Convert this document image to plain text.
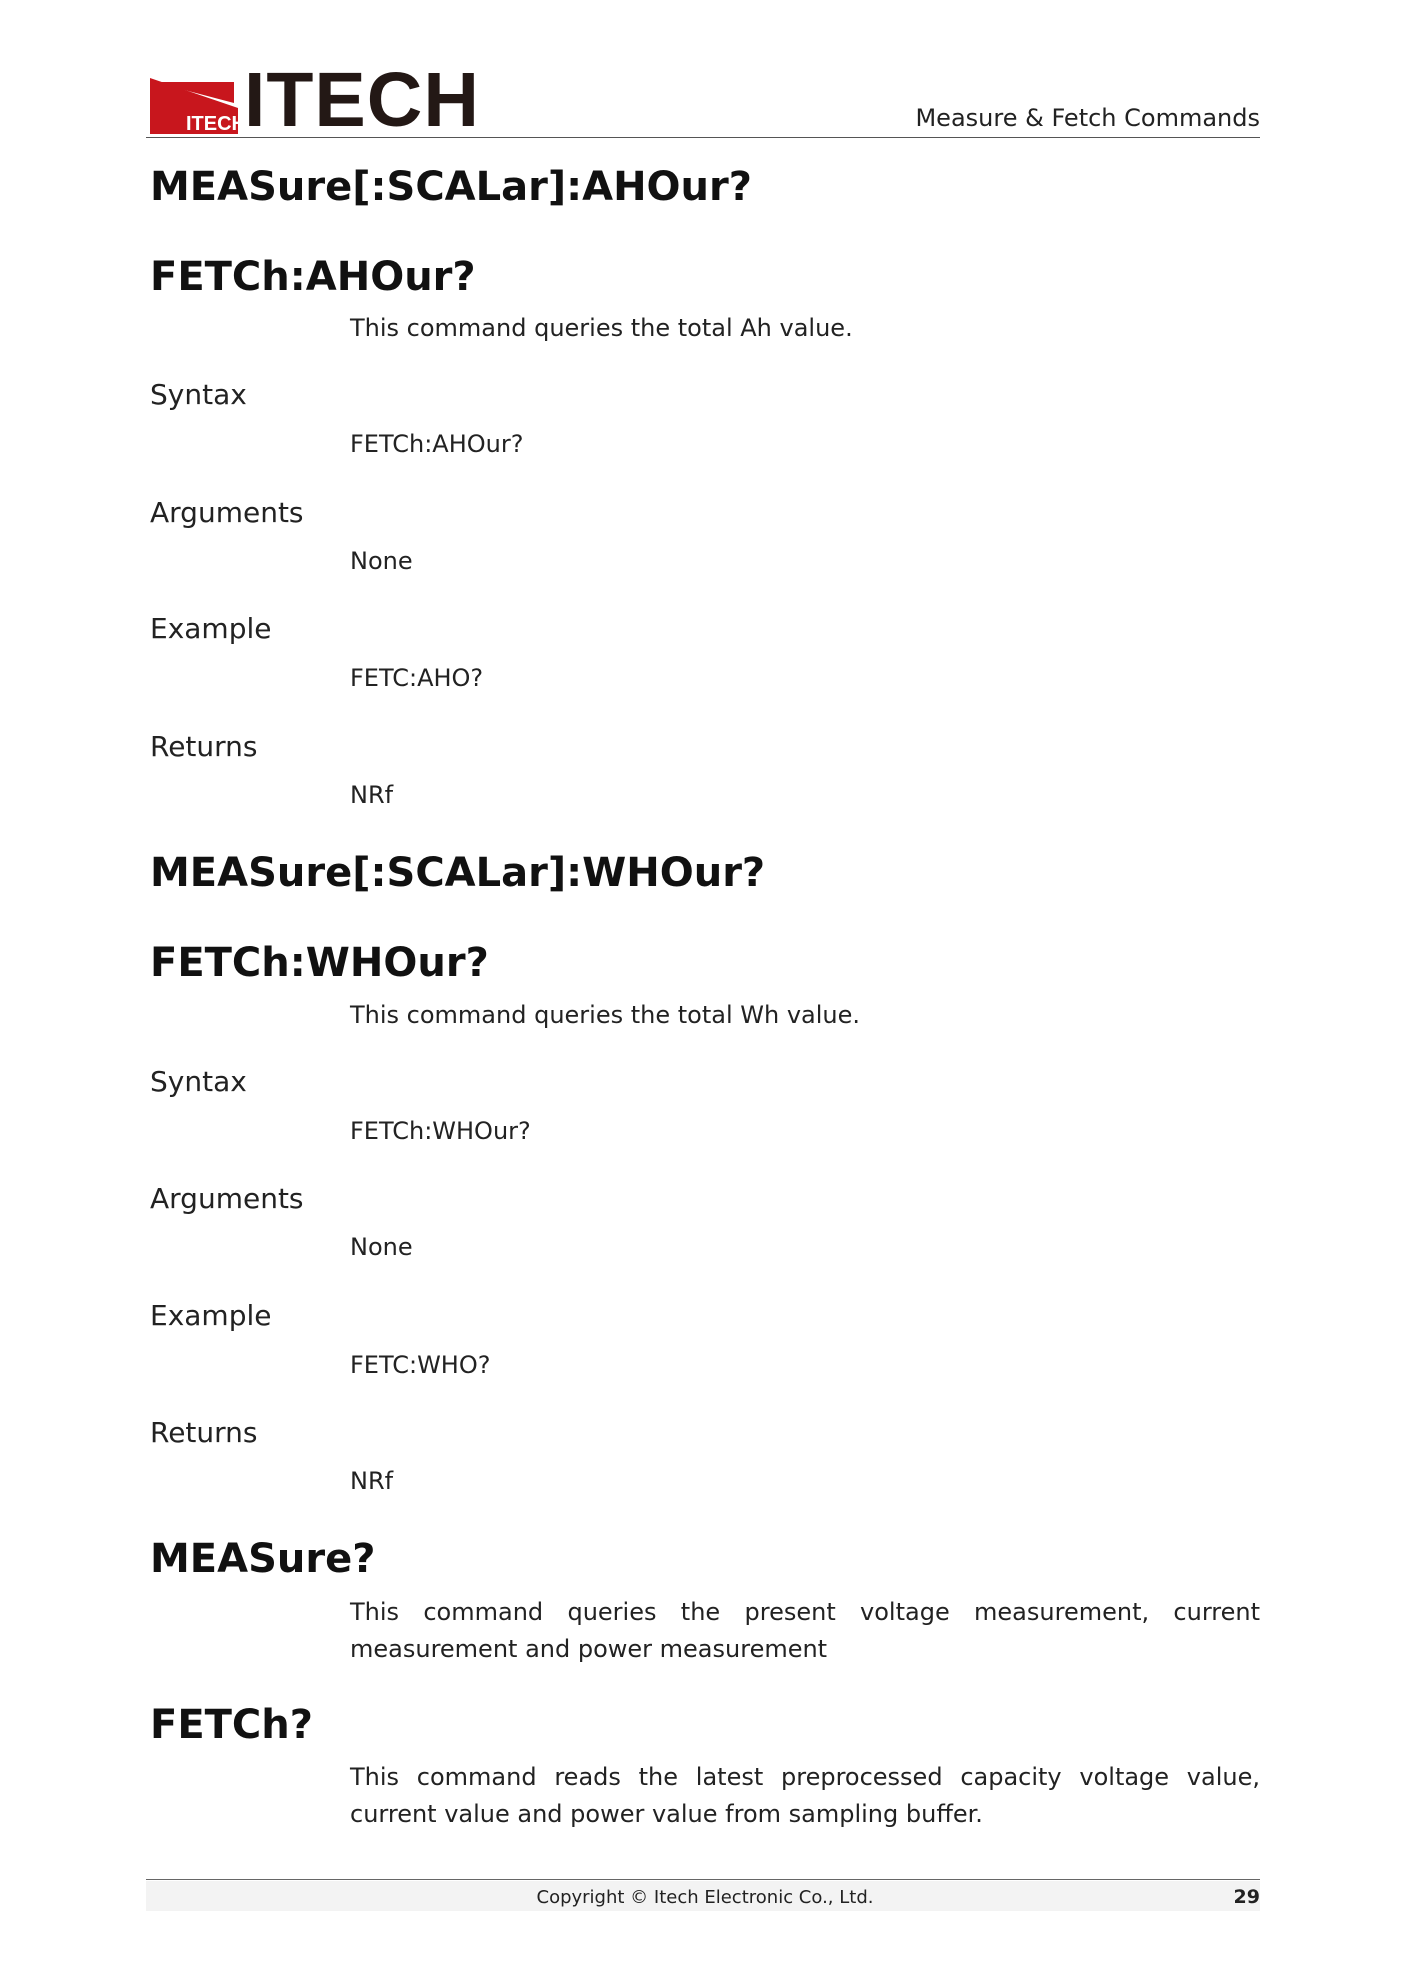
ITECH
ITECH	Measure & Fetch Commands
MEASure[:SCALar]:AHOur?
FETCh:AHOur?
This command queries the total Ah value.
Syntax
FETCh:AHOur?
Arguments
None
Example
FETC:AHO?
Returns
NRf
MEASure[:SCALar]:WHOur?
FETCh:WHOur?
This command queries the total Wh value.
Syntax
FETCh:WHOur?
Arguments
None
Example
FETC:WHO?
Returns
NRf
MEASure?
This command queries the present voltage measurement, current measurement and power measurement
FETCh?
This command reads the latest preprocessed capacity voltage value, current value and power value from sampling buffer.
Copyright © Itech Electronic Co., Ltd.	29
